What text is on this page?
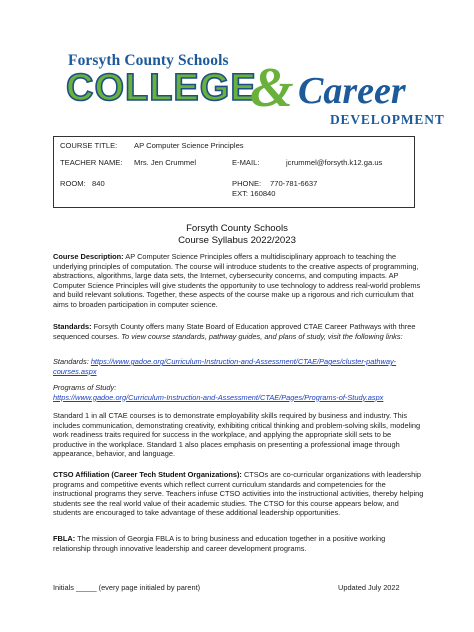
Forsyth County Schools
COLLEGE
& Career
DEVELOPMENT
COURSE TITLE: AP Computer Science Principles
TEACHER NAME: Mrs. Jen Crummel	E-MAIL:	jcrummel@forsyth.k12.ga.us
ROOM: 840	PHONE: 770-781-6637
EXT: 160840
Forsyth County Schools
Course Syllabus 2022/2023

Course Description: AP Computer Science Principles offers a multidisciplinary approach to teaching the underlying principles of computation. The course will introduce students to the creative aspects of programming, abstractions, algorithms, large data sets, the Internet, cybersecurity concerns, and computing impacts. AP Computer Science Principles will give students the opportunity to use technology to address real-world problems and build relevant solutions. Together, these aspects of the course make up a rigorous and rich curriculum that aims to broaden participation in computer science.

Standards: Forsyth County offers many State Board of Education approved CTAE Career Pathways with three sequenced courses. To view course standards, pathway guides, and plans of study, visit the following links:

Standards: https://www.gadoe.org/Curriculum-Instruction-and-Assessment/CTAE/Pages/cluster-pathway-courses.aspx

Programs of Study:
https://www.gadoe.org/Curriculum-Instruction-and-Assessment/CTAE/Pages/Programs-of-Study.aspx

Standard 1 in all CTAE courses is to demonstrate employability skills required by business and industry. This includes communication, demonstrating creativity, exhibiting critical thinking and problem-solving skills, modeling work readiness traits required for success in the workplace, and applying the appropriate skill sets to be productive in the workplace. Standard 1 also places emphasis on presenting a professional image through appearance, behavior, and language.

CTSO Affiliation (Career Tech Student Organizations): CTSOs are co-curricular organizations with leadership programs and competitive events which reflect current curriculum standards and competencies for the instructional programs they serve. Teachers infuse CTSO activities into the instructional activities, thereby helping students see the real world value of their academic studies. The CTSO for this course appears below, and students are encouraged to take advantage of these additional leadership opportunities.

FBLA: The mission of Georgia FBLA is to bring business and education together in a positive working relationship through innovative leadership and career development programs.

Initials _____ (every page initialed by parent)	Updated July 2022
